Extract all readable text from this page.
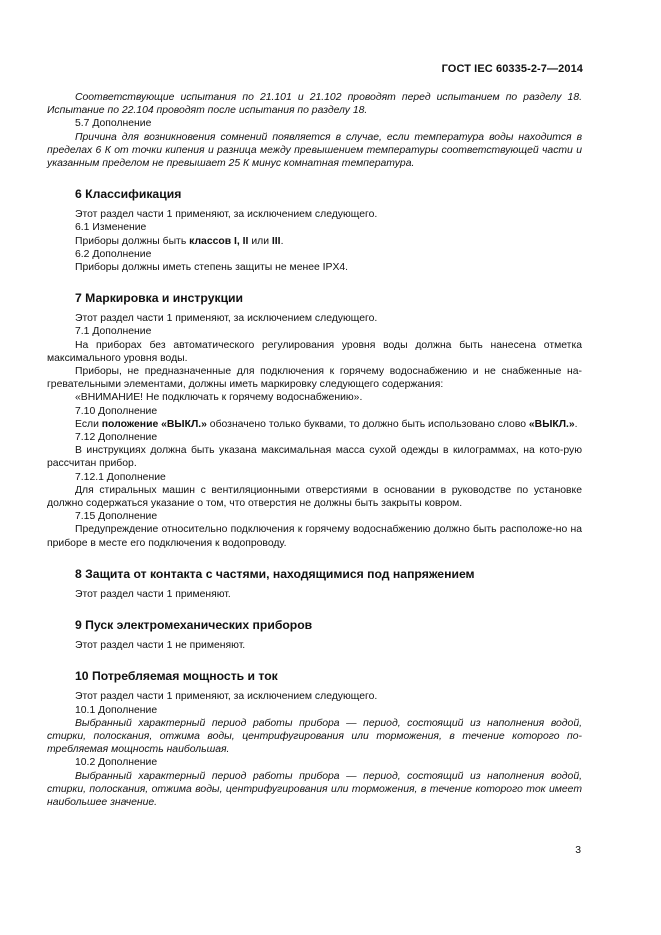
ГОСТ IEC 60335-2-7—2014

Соответствующие испытания по 21.101 и 21.102 проводят перед испытанием по разделу 18. Испытание по 22.104 проводят после испытания по разделу 18.

5.7 Дополнение

Причина для возникновения сомнений появляется в случае, если температура воды находится в пределах 6 К от точки кипения и разница между превышением температуры соответствующей части и указанным пределом не превышает 25 К минус комнатная температура.

6 Классификация

Этот раздел части 1 применяют, за исключением следующего.

6.1 Изменение

Приборы должны быть классов I, II или III.

6.2 Дополнение

Приборы должны иметь степень защиты не менее IPX4.

7 Маркировка и инструкции

Этот раздел части 1 применяют, за исключением следующего.

7.1 Дополнение

На приборах без автоматического регулирования уровня воды должна быть нанесена отметка максимального уровня воды.

Приборы, не предназначенные для подключения к горячему водоснабжению и не снабженные на-гревательными элементами, должны иметь маркировку следующего содержания:

«ВНИМАНИЕ! Не подключать к горячему водоснабжению».

7.10 Дополнение

Если положение «ВЫКЛ.» обозначено только буквами, то должно быть использовано слово «ВЫКЛ.».

7.12 Дополнение

В инструкциях должна быть указана максимальная масса сухой одежды в килограммах, на кото-рую рассчитан прибор.

7.12.1 Дополнение

Для стиральных машин с вентиляционными отверстиями в основании в руководстве по установке должно содержаться указание о том, что отверстия не должны быть закрыты ковром.

7.15 Дополнение

Предупреждение относительно подключения к горячему водоснабжению должно быть расположе-но на приборе в месте его подключения к водопроводу.

8 Защита от контакта с частями, находящимися под напряжением

Этот раздел части 1 применяют.

9 Пуск электромеханических приборов

Этот раздел части 1 не применяют.

10 Потребляемая мощность и ток

Этот раздел части 1 применяют, за исключением следующего.

10.1 Дополнение

Выбранный характерный период работы прибора — период, состоящий из наполнения водой, стирки, полоскания, отжима воды, центрифугирования или торможения, в течение которого по-требляемая мощность наибольшая.

10.2 Дополнение

Выбранный характерный период работы прибора — период, состоящий из наполнения водой, стирки, полоскания, отжима воды, центрифугирования или торможения, в течение которого ток имеет наибольшее значение.

3
